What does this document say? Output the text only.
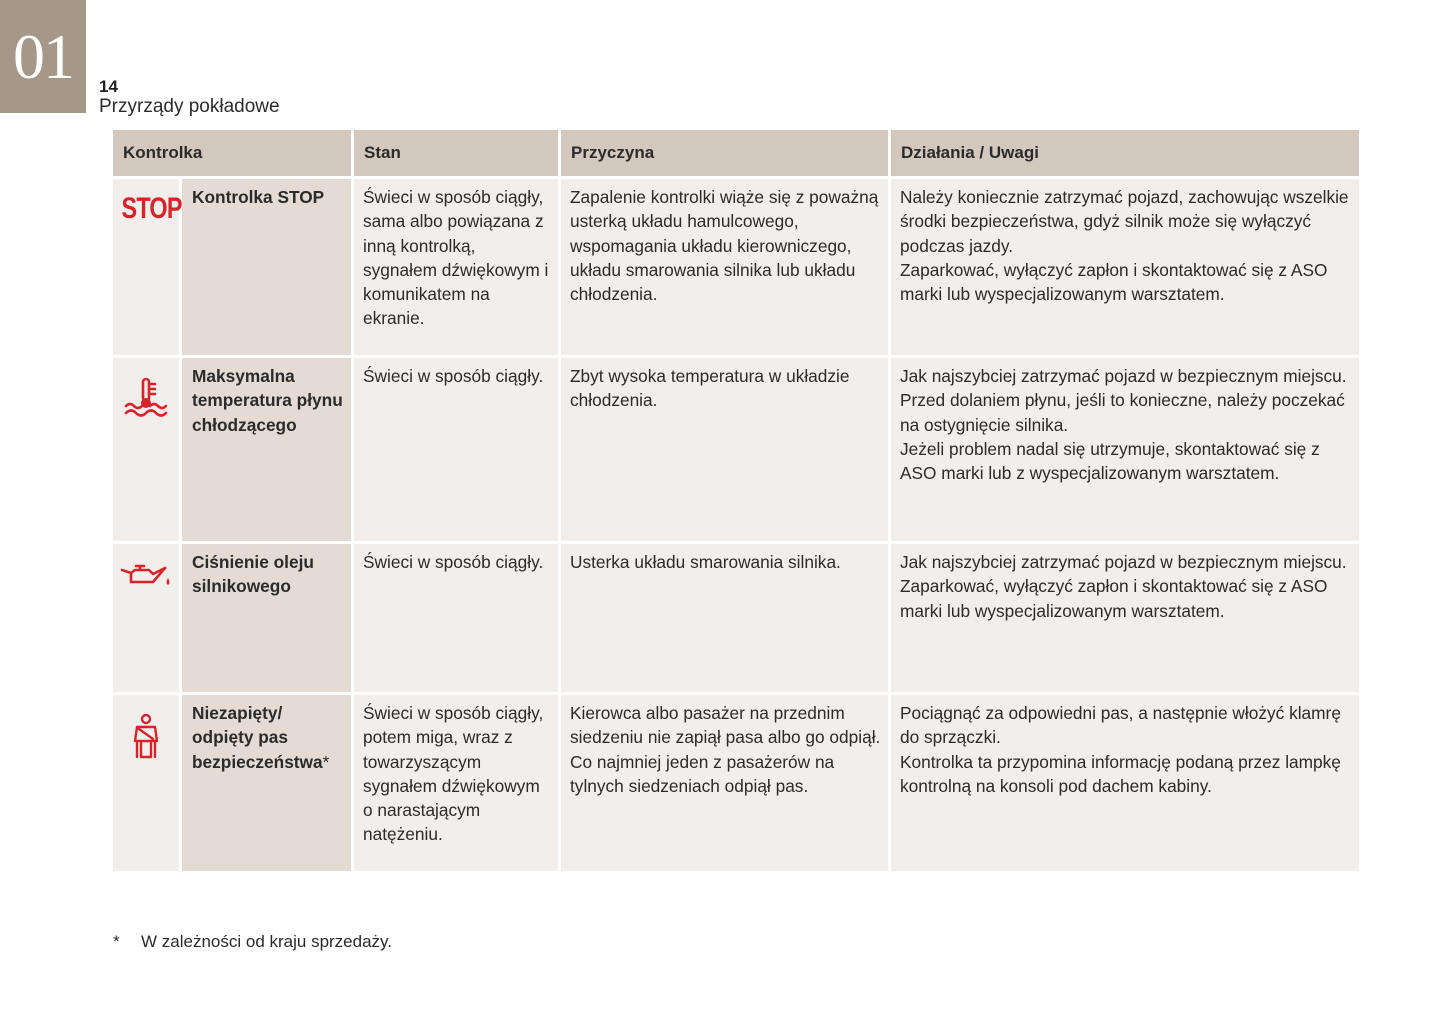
01 14
Przyrządy pokładowe
Kontrolka		Stan	Przyczyna	Działania / Uwagi
STOP	Kontrolka STOP	Świeci w sposób ciągły, sama albo powiązana z inną kontrolką, sygnałem dźwiękowym i komunikatem na ekranie.	Zapalenie kontrolki wiąże się z poważną usterką układu hamulcowego, wspomagania układu kierowniczego, układu smarowania silnika lub układu chłodzenia.	Należy koniecznie zatrzymać pojazd, zachowując wszelkie środki bezpieczeństwa, gdyż silnik może się wyłączyć podczas jazdy.
Zaparkować, wyłączyć zapłon i skontaktować się z ASO marki lub wyspecjalizowanym warsztatem.
	Maksymalna temperatura płynu chłodzącego	Świeci w sposób ciągły.	Zbyt wysoka temperatura w układzie chłodzenia.	Jak najszybciej zatrzymać pojazd w bezpiecznym miejscu.
Przed dolaniem płynu, jeśli to konieczne, należy poczekać na ostygnięcie silnika.
Jeżeli problem nadal się utrzymuje, skontaktować się z ASO marki lub z wyspecjalizowanym warsztatem.
	Ciśnienie oleju silnikowego	Świeci w sposób ciągły.	Usterka układu smarowania silnika.	Jak najszybciej zatrzymać pojazd w bezpiecznym miejscu.
Zaparkować, wyłączyć zapłon i skontaktować się z ASO marki lub wyspecjalizowanym warsztatem.
	Niezapięty/ odpięty pas bezpieczeństwa*	Świeci w sposób ciągły, potem miga, wraz z towarzyszącym sygnałem dźwiękowym o narastającym natężeniu.	Kierowca albo pasażer na przednim siedzeniu nie zapiął pasa albo go odpiął.
Co najmniej jeden z pasażerów na tylnych siedzeniach odpiął pas.	Pociągnąć za odpowiedni pas, a następnie włożyć klamrę do sprzączki.
Kontrolka ta przypomina informację podaną przez lampkę kontrolną na konsoli pod dachem kabiny.
* W zależności od kraju sprzedaży.
